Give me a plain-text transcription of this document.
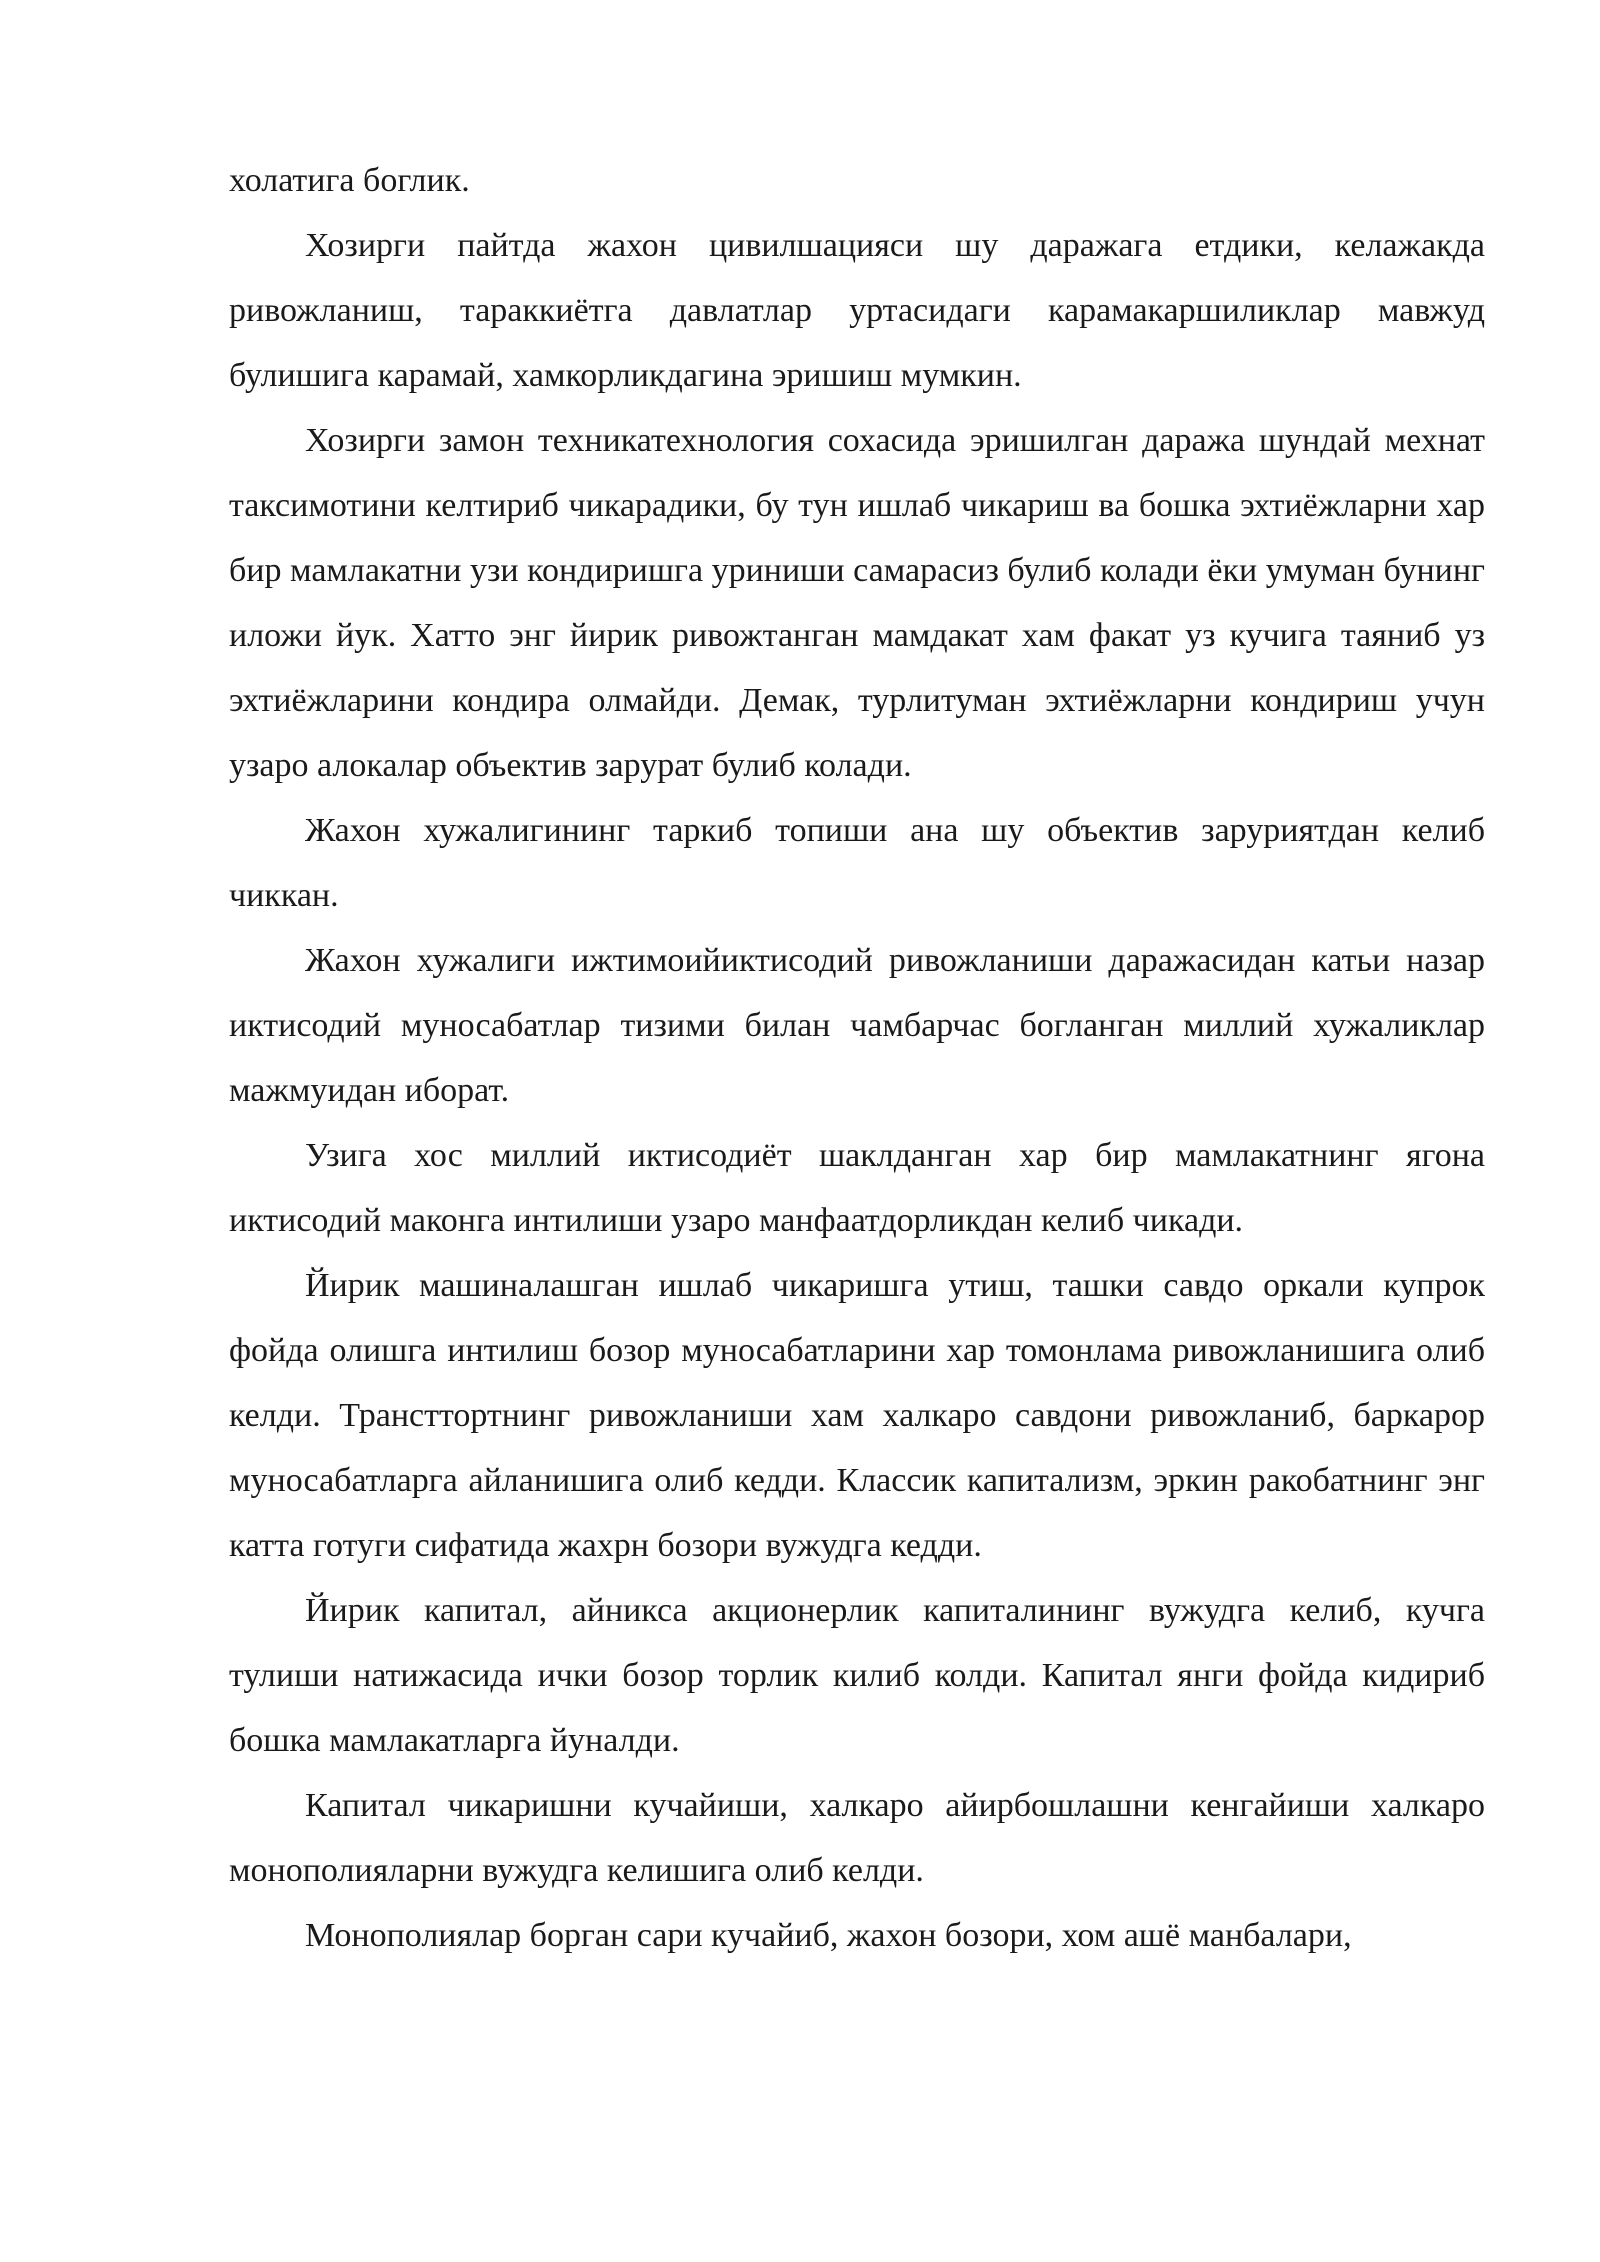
холатига боглик.

Хозирги пайтда жахон цивилшацияси шу даражага етдики, келажакда ривожланиш, тараккиётга давлатлар уртасидаги карамакаршиликлар мавжуд булишига карамай, хамкорликдагина эришиш мумкин.

Хозирги замон техникатехнология сохасида эришилган даража шундай мехнат таксимотини келтириб чикарадики, бу тун ишлаб чикариш ва бошка эхтиёжларни хар бир мамлакатни узи кондиришга уриниши самарасиз булиб колади ёки умуман бунинг иложи йук. Хатто энг йирик ривожтанган мамдакат хам факат уз кучига таяниб уз эхтиёжларини кондира олмайди. Демак, турлитуман эхтиёжларни кондириш учун узаро алокалар объектив зарурат булиб колади.

Жахон хужалигининг таркиб топиши ана шу объектив заруриятдан келиб чиккан.

Жахон хужалиги ижтимоийиктисодий ривожланиши даражасидан катьи назар иктисодий муносабатлар тизими билан чамбарчас богланган миллий хужаликлар мажмуидан иборат.

Узига хос миллий иктисодиёт шаклданган хар бир мамлакатнинг ягона иктисодий маконга интилиши узаро манфаатдорликдан келиб чикади.

Йирик машиналашган ишлаб чикаришга утиш, ташки савдо оркали купрок фойда олишга интилиш бозор муносабатларини хар томонлама ривожланишига олиб келди. Трансттортнинг ривожланиши хам халкаро савдони ривожланиб, баркарор муносабатларга айланишига олиб кедди. Классик капитализм, эркин ракобатнинг энг катта готуги сифатида жахрн бозори вужудга кедди.

Йирик капитал, айникса акционерлик капиталининг вужудга келиб, кучга тулиши натижасида ички бозор торлик килиб колди. Капитал янги фойда кидириб бошка мамлакатларга йуналди.

Капитал чикаришни кучайиши, халкаро айирбошлашни кенгайиши халкаро монополияларни вужудга келишига олиб келди.

Монополиялар борган сари кучайиб, жахон бозори, хом ашё манбалари,
